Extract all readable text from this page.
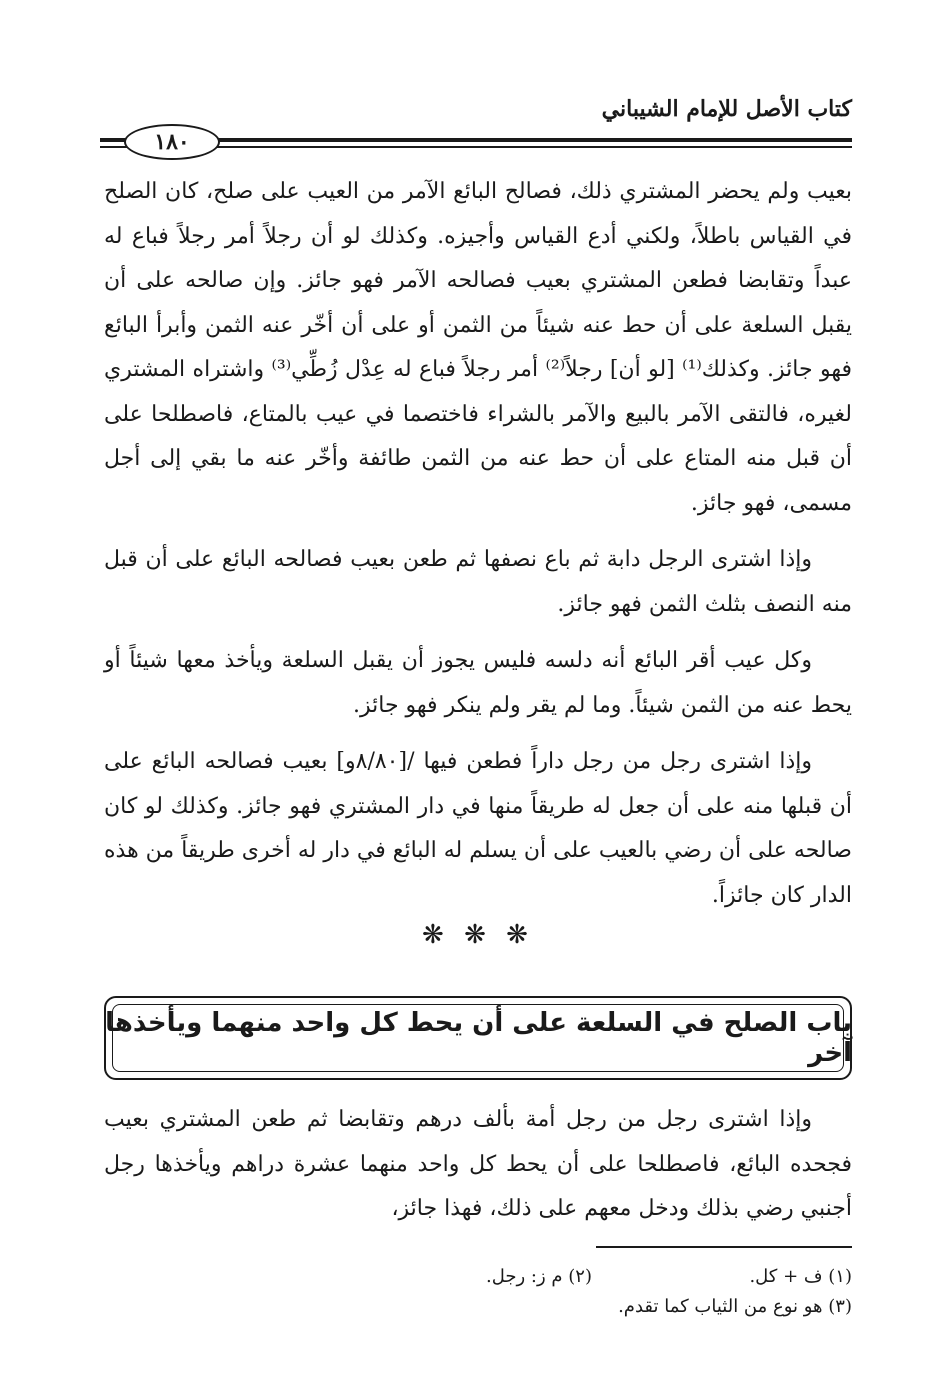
كتاب الأصل للإمام الشيباني
١٨٠

بعيب ولم يحضر المشتري ذلك، فصالح البائع الآمر من العيب على صلح، كان الصلح في القياس باطلاً، ولكني أدع القياس وأجيزه. وكذلك لو أن رجلاً أمر رجلاً فباع له عبداً وتقابضا فطعن المشتري بعيب فصالحه الآمر فهو جائز. وإن صالحه على أن يقبل السلعة على أن حط عنه شيئاً من الثمن أو على أن أخّر عنه الثمن وأبرأ البائع فهو جائز. وكذلك⁽¹⁾ [لو أن] رجلاً⁽²⁾ أمر رجلاً فباع له عِدْل زُطِّي⁽³⁾ واشتراه المشتري لغيره، فالتقى الآمر بالبيع والآمر بالشراء فاختصما في عيب بالمتاع، فاصطلحا على أن قبل منه المتاع على أن حط عنه من الثمن طائفة وأخّر عنه ما بقي إلى أجل مسمى، فهو جائز.

وإذا اشترى الرجل دابة ثم باع نصفها ثم طعن بعيب فصالحه البائع على أن قبل منه النصف بثلث الثمن فهو جائز.

وكل عيب أقر البائع أنه دلسه فليس يجوز أن يقبل السلعة ويأخذ معها شيئاً أو يحط عنه من الثمن شيئاً. وما لم يقر ولم ينكر فهو جائز.

وإذا اشترى رجل من رجل داراً فطعن فيها /[٨/٨٠و] بعيب فصالحه البائع على أن قبلها منه على أن جعل له طريقاً منها في دار المشتري فهو جائز. وكذلك لو كان صالحه على أن رضي بالعيب على أن يسلم له البائع في دار له أخرى طريقاً من هذه الدار كان جائزاً.

❋ ❋ ❋
باب الصلح في السلعة على أن يحط كل واحد منهما ويأخذها آخر

وإذا اشترى رجل من رجل أمة بألف درهم وتقابضا ثم طعن المشتري بعيب فجحده البائع، فاصطلحا على أن يحط كل واحد منهما عشرة دراهم ويأخذها رجل أجنبي رضي بذلك ودخل معهم على ذلك، فهذا جائز،

(١) ف + كل.
(٢) م ز: رجل.
(٣) هو نوع من الثياب كما تقدم.
